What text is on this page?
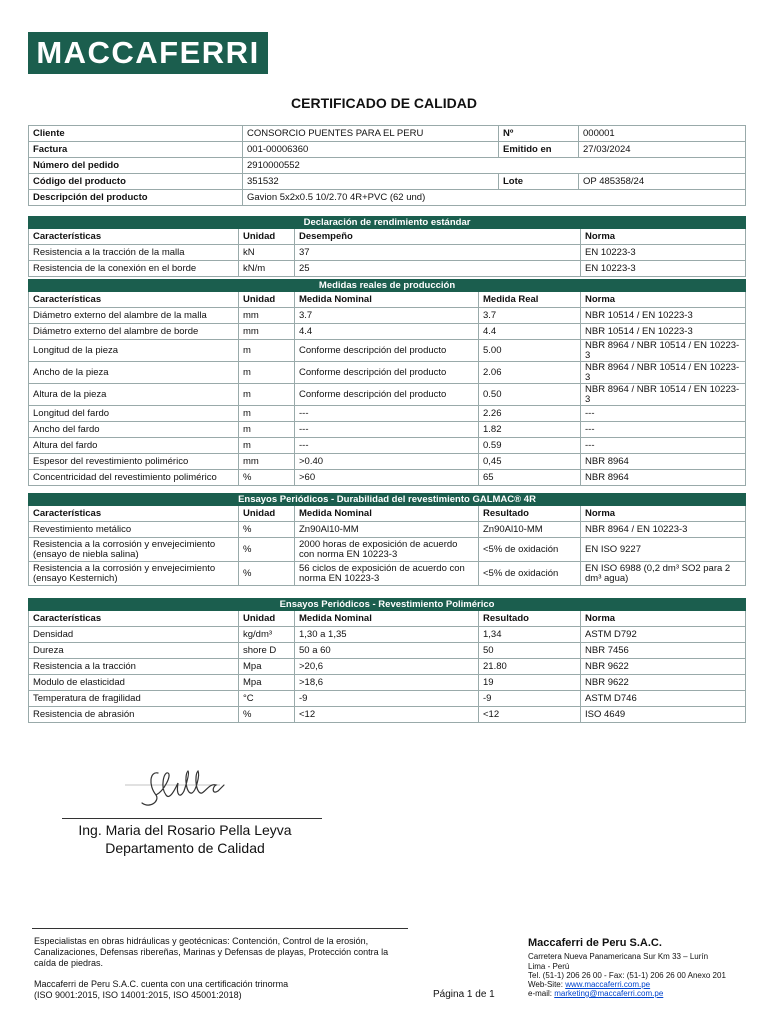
MACCAFERRI
CERTIFICADO DE CALIDAD
Cliente	CONSORCIO PUENTES PARA EL PERU	Nº	000001
Factura	001-00006360	Emitido en	27/03/2024
Número del pedido	2910000552		
Código del producto	351532	Lote	OP 485358/24
Descripción del producto	Gavion 5x2x0.5 10/2.70 4R+PVC (62 und)		
Declaración de rendimiento estándar			
Características	Unidad	Desempeño	Norma
Resistencia a la tracción de la malla	kN	37	EN 10223-3
Resistencia de la conexión en el borde	kN/m	25	EN 10223-3
Medidas reales de producción				
Características	Unidad	Medida Nominal	Medida Real	Norma
Diámetro externo del alambre de la malla	mm	3.7	3.7	NBR 10514 / EN 10223-3
Diámetro externo del alambre de borde	mm	4.4	4.4	NBR 10514 / EN 10223-3
Longitud de la pieza	m	Conforme descripción del producto	5.00	NBR 8964 / NBR 10514 / EN 10223-3
Ancho de la pieza	m	Conforme descripción del producto	2.06	NBR 8964 / NBR 10514 / EN 10223-3
Altura de la pieza	m	Conforme descripción del producto	0.50	NBR 8964 / NBR 10514 / EN 10223-3
Longitud del fardo	m	---	2.26	---
Ancho del fardo	m	---	1.82	---
Altura del fardo	m	---	0.59	---
Espesor del revestimiento polimérico	mm	>0.40	0,45	NBR 8964
Concentricidad del revestimiento polimérico	%	>60	65	NBR 8964
Ensayos Periódicos - Durabilidad del revestimiento GALMAC® 4R				
Características	Unidad	Medida Nominal	Resultado	Norma
Revestimiento metálico	%	Zn90Al10-MM	Zn90Al10-MM	NBR 8964 / EN 10223-3
Resistencia a la corrosión y envejecimiento (ensayo de niebla salina)	%	2000 horas de exposición de acuerdo con norma EN 10223-3	<5% de oxidación	EN ISO 9227
Resistencia a la corrosión y envejecimiento (ensayo Kesternich)	%	56 ciclos de exposición de acuerdo con norma EN 10223-3	<5% de oxidación	EN ISO 6988 (0,2 dm³ SO2 para 2 dm³ agua)
Ensayos Periódicos - Revestimiento Polimérico				
Características	Unidad	Medida Nominal	Resultado	Norma
Densidad	kg/dm³	1,30 a 1,35	1,34	ASTM D792
Dureza	shore D	50 a 60	50	NBR 7456
Resistencia a la tracción	Mpa	>20,6	21.80	NBR 9622
Modulo de elasticidad	Mpa	>18,6	19	NBR 9622
Temperatura de fragilidad	°C	-9	-9	ASTM D746
Resistencia de abrasión	%	<12	<12	ISO 4649
Ing. Maria del Rosario Pella Leyva
Departamento de Calidad
Especialistas en obras hidráulicas y geotécnicas: Contención, Control de la erosión, Canalizaciones, Defensas ribereñas, Marinas y Defensas de playas, Protección contra la caída de piedras.
Maccaferri de Peru S.A.C. cuenta con una certificación trinorma
(ISO 9001:2015, ISO 14001:2015, ISO 45001:2018)	Página 1 de 1
Maccaferri de Peru S.A.C.
Carretera Nueva Panamericana Sur Km 33 – Lurín
Lima - Perú
Tel. (51-1) 206 26 00 - Fax: (51-1) 206 26 00 Anexo 201
Web-Site: www.maccaferri.com.pe
e-mail: marketing@maccaferri.com.pe
